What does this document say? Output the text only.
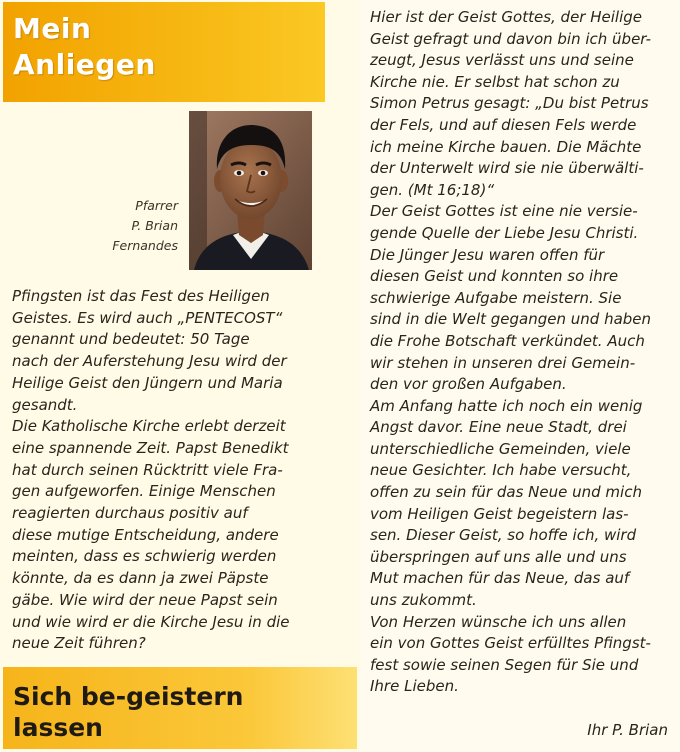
Mein
Anliegen
Pfarrer
P. Brian
Fernandes
Pfingsten ist das Fest des Heiligen
Geistes. Es wird auch „PENTECOST“
genannt und bedeutet: 50 Tage
nach der Auferstehung Jesu wird der
Heilige Geist den Jüngern und Maria
gesandt.
Die Katholische Kirche erlebt derzeit
eine spannende Zeit. Papst Benedikt
hat durch seinen Rücktritt viele Fra-
gen aufgeworfen. Einige Menschen
reagierten durchaus positiv auf
diese mutige Entscheidung, andere
meinten, dass es schwierig werden
könnte, da es dann ja zwei Päpste
gäbe. Wie wird der neue Papst sein
und wie wird er die Kirche Jesu in die
neue Zeit führen?
Sich be-geistern
lassen
Hier ist der Geist Gottes, der Heilige
Geist gefragt und davon bin ich über-
zeugt, Jesus verlässt uns und seine
Kirche nie. Er selbst hat schon zu
Simon Petrus gesagt: „Du bist Petrus
der Fels, und auf diesen Fels werde
ich meine Kirche bauen. Die Mächte
der Unterwelt wird sie nie überwälti-
gen. (Mt 16;18)“
Der Geist Gottes ist eine nie versie-
gende Quelle der Liebe Jesu Christi.
Die Jünger Jesu waren offen für
diesen Geist und konnten so ihre
schwierige Aufgabe meistern. Sie
sind in die Welt gegangen und haben
die Frohe Botschaft verkündet. Auch
wir stehen in unseren drei Gemein-
den vor großen Aufgaben.
Am Anfang hatte ich noch ein wenig
Angst davor. Eine neue Stadt, drei
unterschiedliche Gemeinden, viele
neue Gesichter. Ich habe versucht,
offen zu sein für das Neue und mich
vom Heiligen Geist begeistern las-
sen. Dieser Geist, so hoffe ich, wird
überspringen auf uns alle und uns
Mut machen für das Neue, das auf
uns zukommt.
Von Herzen wünsche ich uns allen
ein von Gottes Geist erfülltes Pfingst-
fest sowie seinen Segen für Sie und
Ihre Lieben.
Ihr P. Brian
